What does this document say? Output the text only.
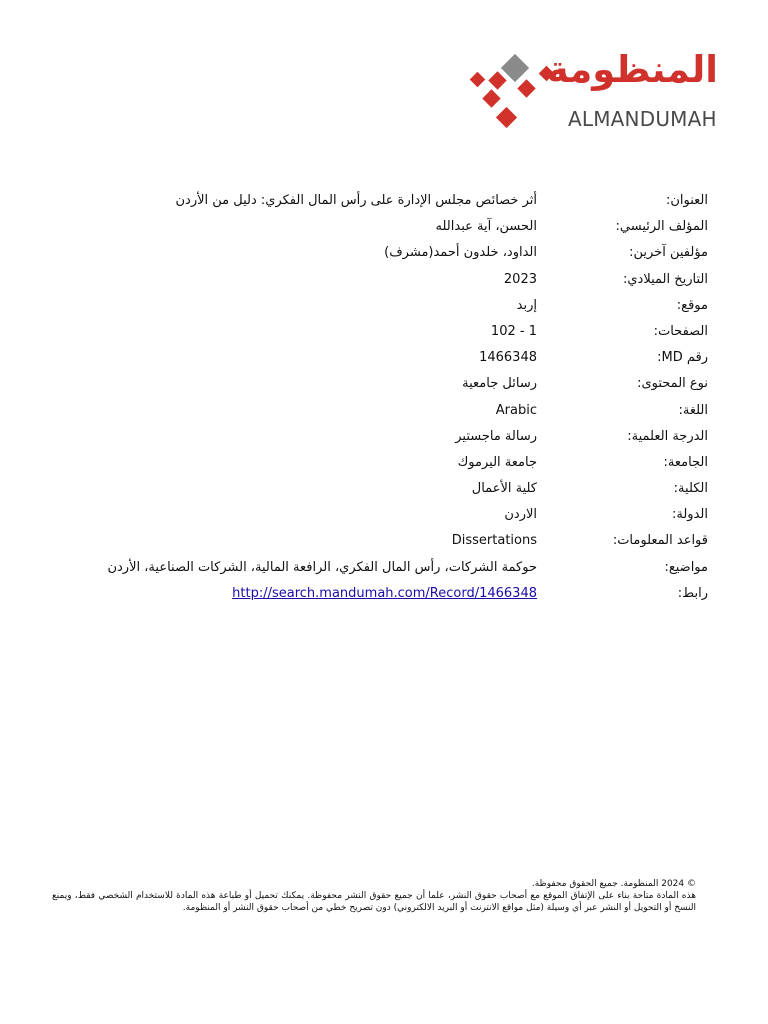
المنظومة
ALMANDUMAH
العنوان:
أثر خصائص مجلس الإدارة على رأس المال الفكري: دليل من الأردن
المؤلف الرئيسي:
الحسن، آية عبدالله
مؤلفين آخرين:
الداود، خلدون أحمد(مشرف)
التاريخ الميلادي:
2023
موقع:
إربد
الصفحات:
1 - 102
رقم MD:
1466348
نوع المحتوى:
رسائل جامعية
اللغة:
Arabic
الدرجة العلمية:
رسالة ماجستير
الجامعة:
جامعة اليرموك
الكلية:
كلية الأعمال
الدولة:
الاردن
قواعد المعلومات:
Dissertations
مواضيع:
حوكمة الشركات، رأس المال الفكري، الرافعة المالية، الشركات الصناعية، الأردن
رابط:
http://search.mandumah.com/Record/1466348

© 2024 المنظومة. جميع الحقوق محفوظة.

هذه المادة متاحة بناء على الإتفاق الموقع مع أصحاب حقوق النشر، علما أن جميع حقوق النشر محفوظة. يمكنك تحميل أو طباعة هذه المادة للاستخدام الشخصي فقط، ويمنع النسخ أو التحويل أو النشر عبر أي وسيلة (مثل مواقع الانترنت أو البريد الالكتروني) دون تصريح خطي من أصحاب حقوق النشر أو المنظومة.
